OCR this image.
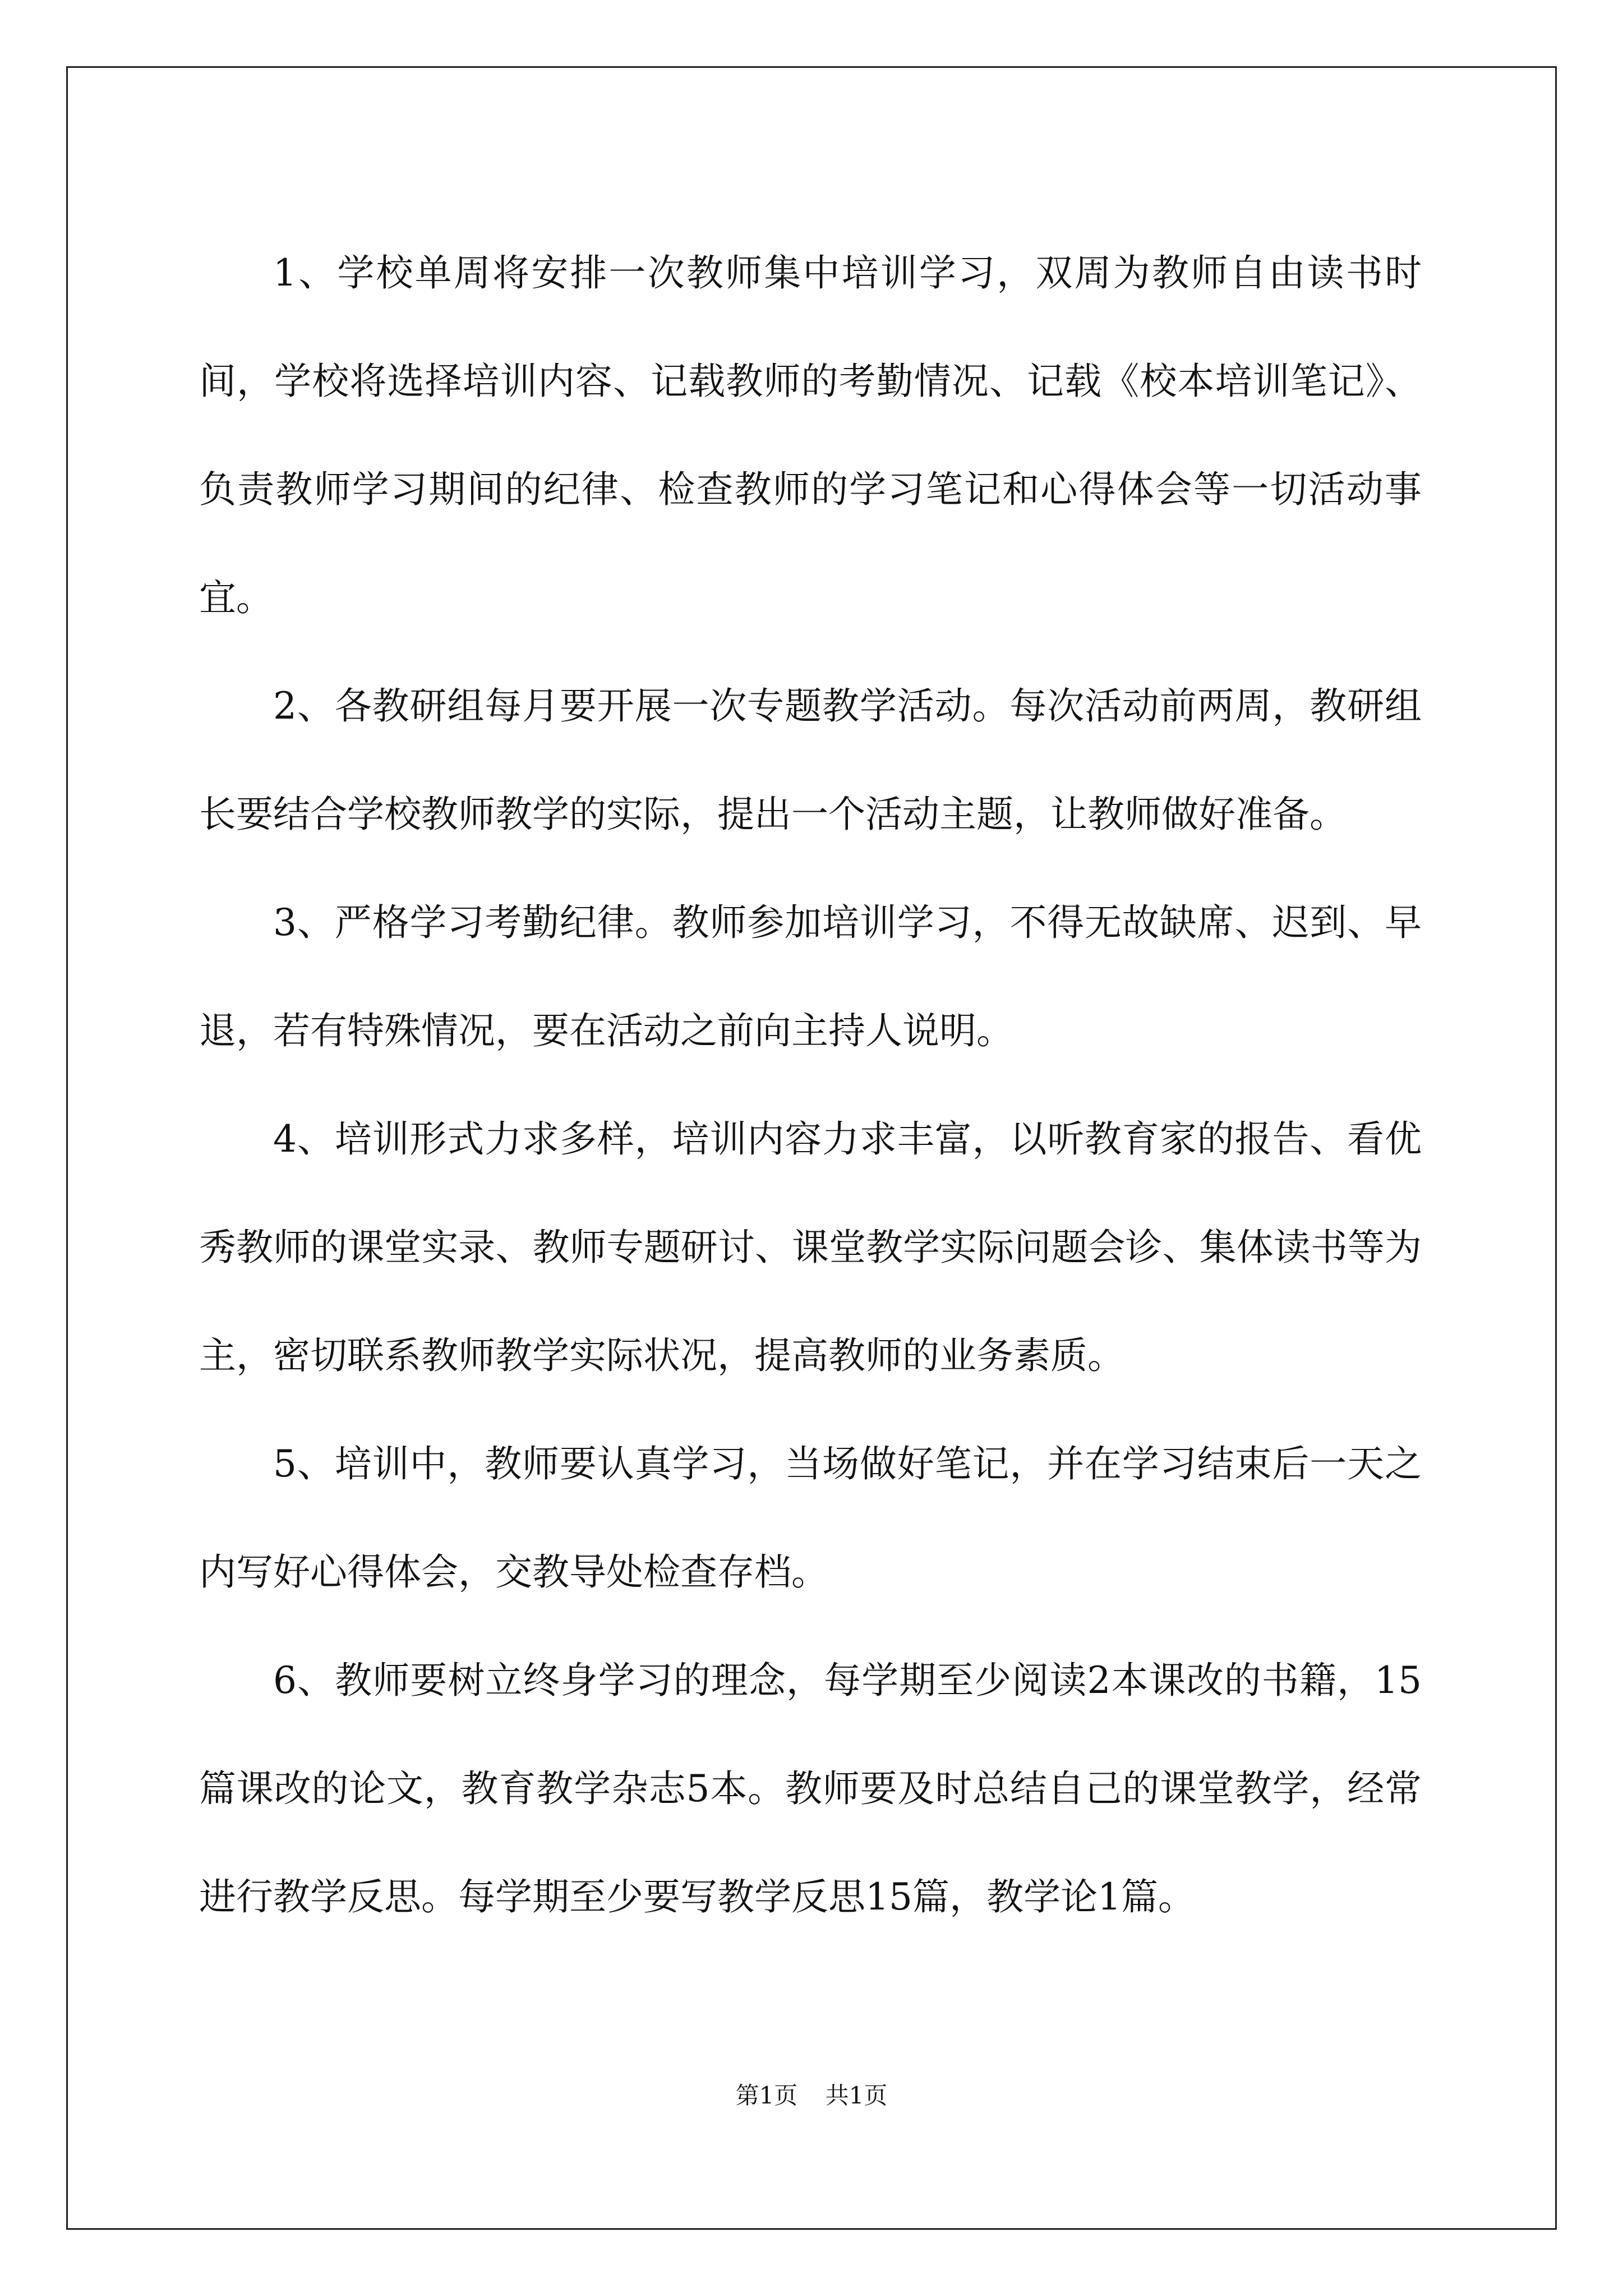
1、学校单周将安排一次教师集中培训学习，双周为教师自由读书时间，学校将选择培训内容、记载教师的考勤情况、记载《校本培训笔记》、负责教师学习期间的纪律、检查教师的学习笔记和心得体会等一切活动事宜。

2、各教研组每月要开展一次专题教学活动。每次活动前两周，教研组长要结合学校教师教学的实际，提出一个活动主题，让教师做好准备。

3、严格学习考勤纪律。教师参加培训学习，不得无故缺席、迟到、早退，若有特殊情况，要在活动之前向主持人说明。

4、培训形式力求多样，培训内容力求丰富，以听教育家的报告、看优秀教师的课堂实录、教师专题研讨、课堂教学实际问题会诊、集体读书等为主，密切联系教师教学实际状况，提高教师的业务素质。

5、培训中，教师要认真学习，当场做好笔记，并在学习结束后一天之内写好心得体会，交教导处检查存档。

6、教师要树立终身学习的理念，每学期至少阅读2本课改的书籍，15篇课改的论文，教育教学杂志5本。教师要及时总结自己的课堂教学，经常进行教学反思。每学期至少要写教学反思15篇，教学论1篇。

第1页 共1页
